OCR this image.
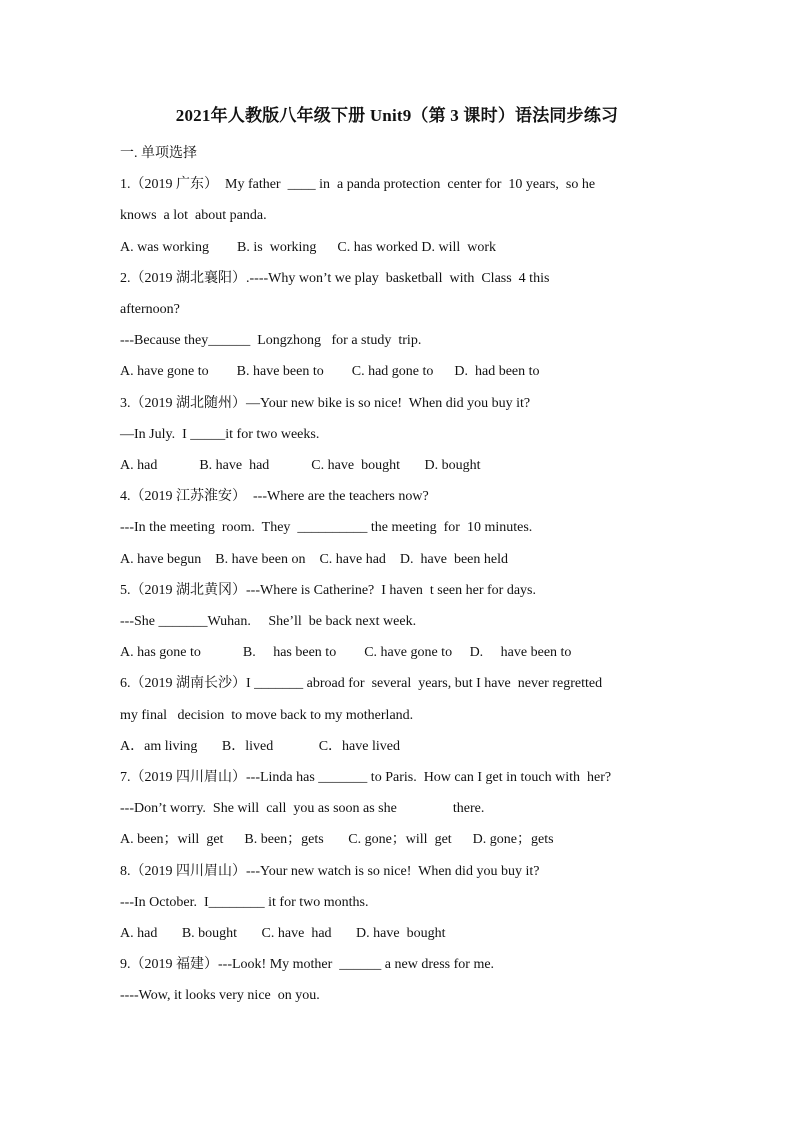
2021年人教版八年级下册 Unit9（第 3 课时）语法同步练习
一. 单项选择
1.（2019 广东）  My father  ____ in  a panda protection  center for  10 years,  so he
knows  a lot  about panda.
A. was working        B. is  working      C. has worked D. will  work
2.（2019 湖北襄阳）.----Why won’t we play  basketball  with  Class  4 this
afternoon?
---Because they______  Longzhong   for a study  trip.
A. have gone to        B. have been to        C. had gone to      D.  had been to
3.（2019 湖北随州）—Your new bike is so nice!  When did you buy it?
—In July.  I _____it for two weeks.
A. had            B. have  had            C. have  bought       D. bought
4.（2019 江苏淮安）  ---Where are the teachers now?
---In the meeting  room.  They  __________ the meeting  for  10 minutes.
A. have begun    B. have been on    C. have had    D.  have  been held
5.（2019 湖北黄冈）---Where is Catherine?  I haven  t seen her for days.
---She _______Wuhan.     She’ll  be back next week.
A. has gone to            B.     has been to        C. have gone to     D.     have been to
6.（2019 湖南长沙）I _______ abroad for  several  years, but I have  never regretted
my final   decision  to move back to my motherland.
A．am living       B．lived             C．have lived
7.（2019 四川眉山）---Linda has _______ to Paris.  How can I get in touch with  her?
---Don’t worry.  She will  call  you as soon as she                there.
A. been；will  get      B. been；gets       C. gone；will  get      D. gone；gets
8.（2019 四川眉山）---Your new watch is so nice!  When did you buy it?
---In October.  I________ it for two months.
A. had       B. bought       C. have  had       D. have  bought
9.（2019 福建）---Look! My mother  ______ a new dress for me.
----Wow, it looks very nice  on you.
